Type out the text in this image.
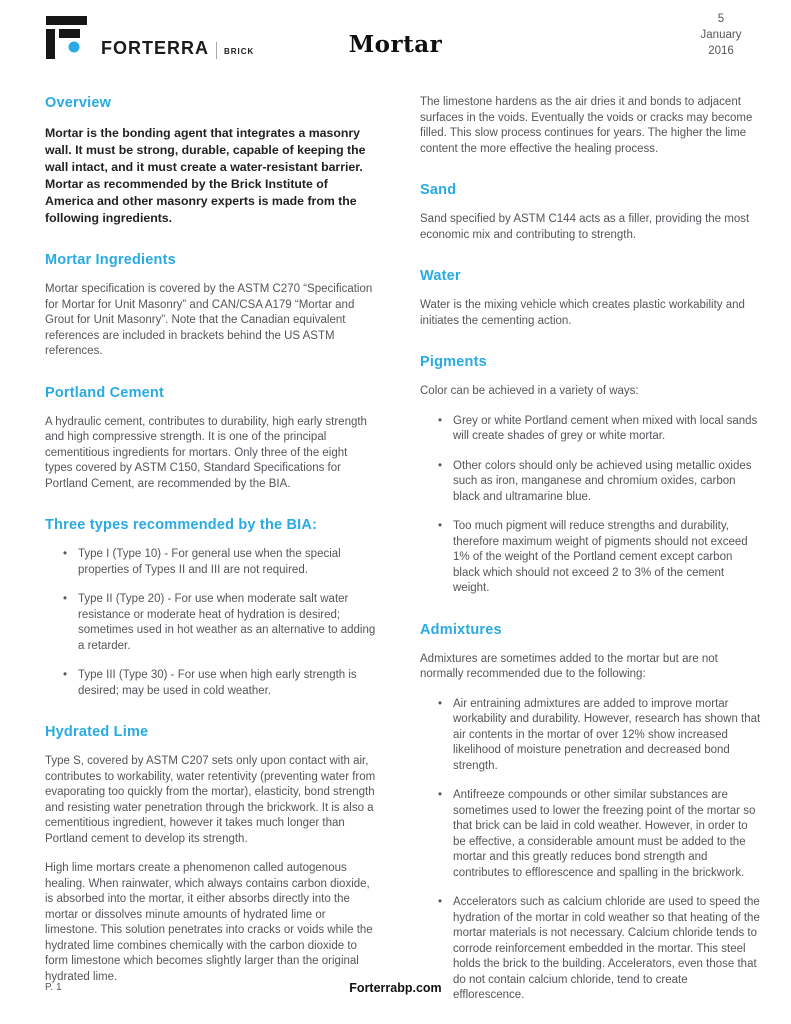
FORTERRA BRICK	Mortar
5
January
2016
Overview

Mortar is the bonding agent that integrates a masonry wall. It must be strong, durable, capable of keeping the wall intact, and it must create a water-resistant barrier. Mortar as recommended by the Brick Institute of America and other masonry experts is made from the following ingredients.

Mortar Ingredients

Mortar specification is covered by the ASTM C270 “Specification for Mortar for Unit Masonry” and CAN/CSA A179 “Mortar and Grout for Unit Masonry”. Note that the Canadian equivalent references are included in brackets behind the US ASTM references.

Portland Cement

A hydraulic cement, contributes to durability, high early strength and high compressive strength. It is one of the principal cementitious ingredients for mortars. Only three of the eight types covered by ASTM C150, Standard Specifications for Portland Cement, are recommended by the BIA.

Three types recommended by the BIA:
• Type I (Type 10) - For general use when the special properties of Types II and III are not required.
• Type II (Type 20) - For use when moderate salt water resistance or moderate heat of hydration is desired; sometimes used in hot weather as an alternative to adding a retarder.
• Type III (Type 30) - For use when high early strength is desired; may be used in cold weather.
Hydrated Lime

Type S, covered by ASTM C207 sets only upon contact with air, contributes to workability, water retentivity (preventing water from evaporating too quickly from the mortar), elasticity, bond strength and resisting water penetration through the brickwork. It is also a cementitious ingredient, however it takes much longer than Portland cement to develop its strength.

High lime mortars create a phenomenon called autogenous healing. When rainwater, which always contains carbon dioxide, is absorbed into the mortar, it either absorbs directly into the mortar or dissolves minute amounts of hydrated lime or limestone. This solution penetrates into cracks or voids while the hydrated lime combines chemically with the carbon dioxide to form limestone which becomes slightly larger than the original hydrated lime.

The limestone hardens as the air dries it and bonds to adjacent surfaces in the voids. Eventually the voids or cracks may become filled. This slow process continues for years. The higher the lime content the more effective the healing process.

Sand

Sand specified by ASTM C144 acts as a filler, providing the most economic mix and contributing to strength.

Water

Water is the mixing vehicle which creates plastic workability and initiates the cementing action.

Pigments

Color can be achieved in a variety of ways:

• Grey or white Portland cement when mixed with local sands will create shades of grey or white mortar.
• Other colors should only be achieved using metallic oxides such as iron, manganese and chromium oxides, carbon black and ultramarine blue.
• Too much pigment will reduce strengths and durability, therefore maximum weight of pigments should not exceed 1% of the weight of the Portland cement except carbon black which should not exceed 2 to 3% of the cement weight.
Admixtures

Admixtures are sometimes added to the mortar but are not normally recommended due to the following:

• Air entraining admixtures are added to improve mortar workability and durability. However, research has shown that air contents in the mortar of over 12% show increased likelihood of moisture penetration and decreased bond strength.
• Antifreeze compounds or other similar substances are sometimes used to lower the freezing point of the mortar so that brick can be laid in cold weather. However, in order to be effective, a considerable amount must be added to the mortar and this greatly reduces bond strength and contributes to efflorescence and spalling in the brickwork.
• Accelerators such as calcium chloride are used to speed the hydration of the mortar in cold weather so that heating of the mortar materials is not necessary. Calcium chloride tends to corrode reinforcement embedded in the mortar. This steel holds the brick to the building. Accelerators, even those that do not contain calcium chloride, tend to create efflorescence.
P. 1	Forterrabp.com
